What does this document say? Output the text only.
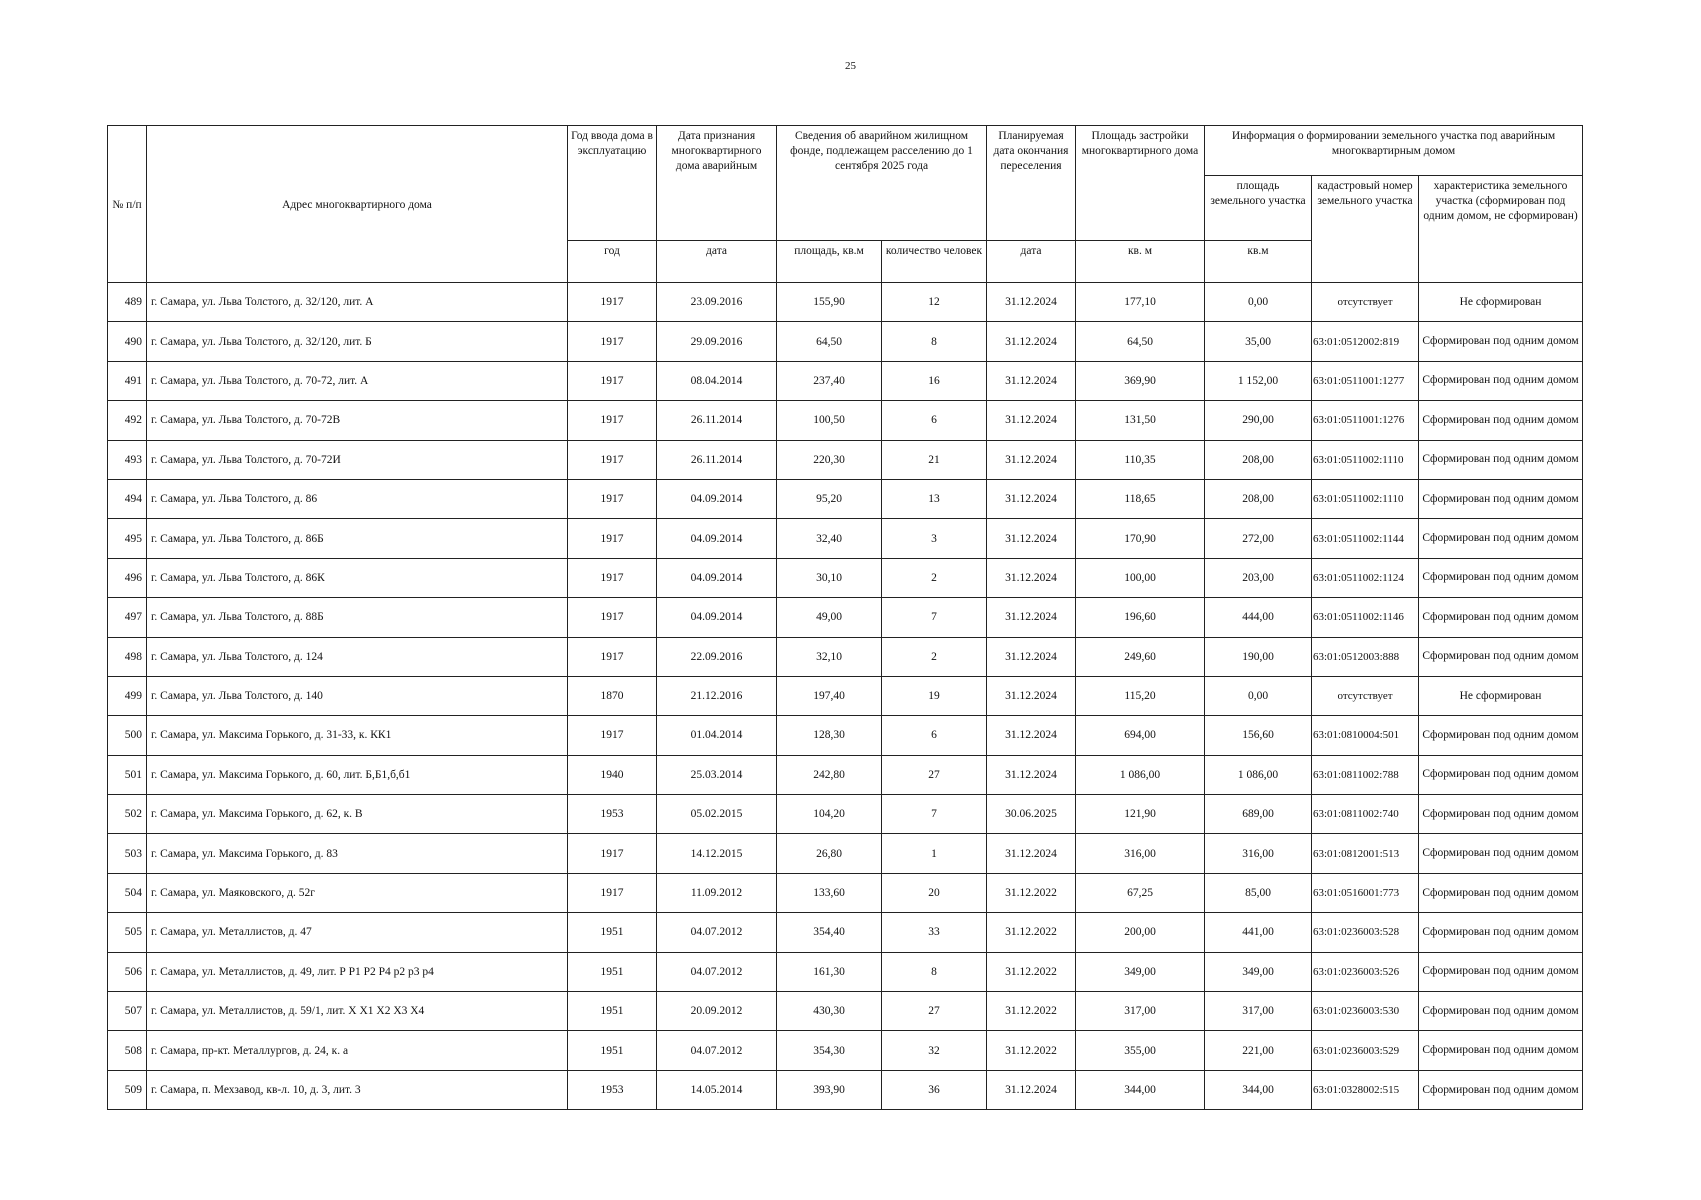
25
№ п/п	Адрес многоквартирного дома	Год ввода дома в эксплуатацию	Дата признания многоквартирного дома аварийным	Сведения об аварийном жилищном фонде, подлежащем расселению до 1 сентября 2025 года		Планируемая дата окончания переселения	Площадь застройки многоквартирного дома	Информация о формировании земельного участка под аварийным многоквартирным домом		
								площадь земельного участка	кадастровый номер земельного участка	характеристика земельного участка (сформирован под одним домом, не сформирован)
		год	дата	площадь, кв.м	количество человек	дата	кв. м	кв.м		
489	г. Самара, ул. Льва Толстого, д. 32/120, лит. А	1917	23.09.2016	155,90	12	31.12.2024	177,10	0,00	отсутствует	Не сформирован
490	г. Самара, ул. Льва Толстого, д. 32/120, лит. Б	1917	29.09.2016	64,50	8	31.12.2024	64,50	35,00	63:01:0512002:819	Сформирован под одним домом
491	г. Самара, ул. Льва Толстого, д. 70-72, лит. А	1917	08.04.2014	237,40	16	31.12.2024	369,90	1 152,00	63:01:0511001:1277	Сформирован под одним домом
492	г. Самара, ул. Льва Толстого, д. 70-72В	1917	26.11.2014	100,50	6	31.12.2024	131,50	290,00	63:01:0511001:1276	Сформирован под одним домом
493	г. Самара, ул. Льва Толстого, д. 70-72И	1917	26.11.2014	220,30	21	31.12.2024	110,35	208,00	63:01:0511002:1110	Сформирован под одним домом
494	г. Самара, ул. Льва Толстого, д. 86	1917	04.09.2014	95,20	13	31.12.2024	118,65	208,00	63:01:0511002:1110	Сформирован под одним домом
495	г. Самара, ул. Льва Толстого, д. 86Б	1917	04.09.2014	32,40	3	31.12.2024	170,90	272,00	63:01:0511002:1144	Сформирован под одним домом
496	г. Самара, ул. Льва Толстого, д. 86К	1917	04.09.2014	30,10	2	31.12.2024	100,00	203,00	63:01:0511002:1124	Сформирован под одним домом
497	г. Самара, ул. Льва Толстого, д. 88Б	1917	04.09.2014	49,00	7	31.12.2024	196,60	444,00	63:01:0511002:1146	Сформирован под одним домом
498	г. Самара, ул. Льва Толстого, д. 124	1917	22.09.2016	32,10	2	31.12.2024	249,60	190,00	63:01:0512003:888	Сформирован под одним домом
499	г. Самара, ул. Льва Толстого, д. 140	1870	21.12.2016	197,40	19	31.12.2024	115,20	0,00	отсутствует	Не сформирован
500	г. Самара, ул. Максима Горького, д. 31-33, к. КК1	1917	01.04.2014	128,30	6	31.12.2024	694,00	156,60	63:01:0810004:501	Сформирован под одним домом
501	г. Самара, ул. Максима Горького, д. 60, лит. Б,Б1,б,б1	1940	25.03.2014	242,80	27	31.12.2024	1 086,00	1 086,00	63:01:0811002:788	Сформирован под одним домом
502	г. Самара, ул. Максима Горького, д. 62, к. В	1953	05.02.2015	104,20	7	30.06.2025	121,90	689,00	63:01:0811002:740	Сформирован под одним домом
503	г. Самара, ул. Максима Горького, д. 83	1917	14.12.2015	26,80	1	31.12.2024	316,00	316,00	63:01:0812001:513	Сформирован под одним домом
504	г. Самара, ул. Маяковского, д. 52г	1917	11.09.2012	133,60	20	31.12.2022	67,25	85,00	63:01:0516001:773	Сформирован под одним домом
505	г. Самара, ул. Металлистов, д. 47	1951	04.07.2012	354,40	33	31.12.2022	200,00	441,00	63:01:0236003:528	Сформирован под одним домом
506	г. Самара, ул. Металлистов, д. 49, лит. Р Р1 Р2 Р4 р2 р3 р4	1951	04.07.2012	161,30	8	31.12.2022	349,00	349,00	63:01:0236003:526	Сформирован под одним домом
507	г. Самара, ул. Металлистов, д. 59/1, лит. Х Х1 Х2 Х3 Х4	1951	20.09.2012	430,30	27	31.12.2022	317,00	317,00	63:01:0236003:530	Сформирован под одним домом
508	г. Самара, пр-кт. Металлургов, д. 24, к. а	1951	04.07.2012	354,30	32	31.12.2022	355,00	221,00	63:01:0236003:529	Сформирован под одним домом
509	г. Самара, п. Мехзавод, кв-л. 10, д. 3, лит. 3	1953	14.05.2014	393,90	36	31.12.2024	344,00	344,00	63:01:0328002:515	Сформирован под одним домом
